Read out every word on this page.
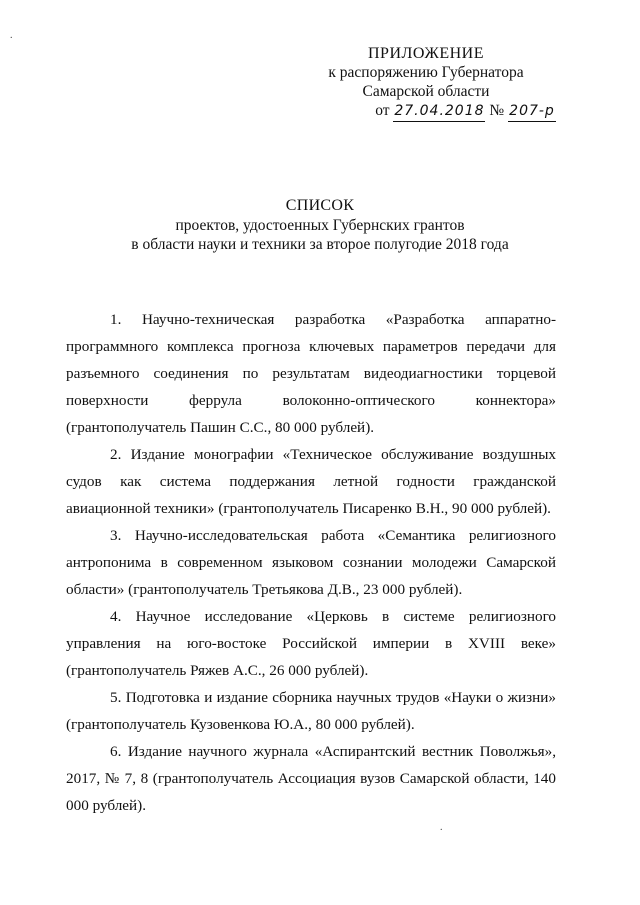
.
.
ПРИЛОЖЕНИЕ
к распоряжению Губернатора
Самарской области
от 27.04.2018 № 207-р
СПИСОК
проектов, удостоенных Губернских грантов
в области науки и техники за второе полугодие 2018 года

1. Научно-техническая разработка «Разработка аппаратно-программного комплекса прогноза ключевых параметров передачи для разъемного соединения по результатам видеодиагностики торцевой поверхности феррула волоконно-оптического коннектора» (грантополучатель Пашин С.С., 80 000 рублей).

2. Издание монографии «Техническое обслуживание воздушных судов как система поддержания летной годности гражданской авиационной техники» (грантополучатель Писаренко В.Н., 90 000 рублей).

3. Научно-исследовательская работа «Семантика религиозного антропонима в современном языковом сознании молодежи Самарской области» (грантополучатель Третьякова Д.В., 23 000 рублей).

4. Научное исследование «Церковь в системе религиозного управления на юго-востоке Российской империи в XVIII веке» (грантополучатель Ряжев А.С., 26 000 рублей).

5. Подготовка и издание сборника научных трудов «Науки о жизни» (грантополучатель Кузовенкова Ю.А., 80 000 рублей).

6. Издание научного журнала «Аспирантский вестник Поволжья», 2017, № 7, 8 (грантополучатель Ассоциация вузов Самарской области, 140 000 рублей).
